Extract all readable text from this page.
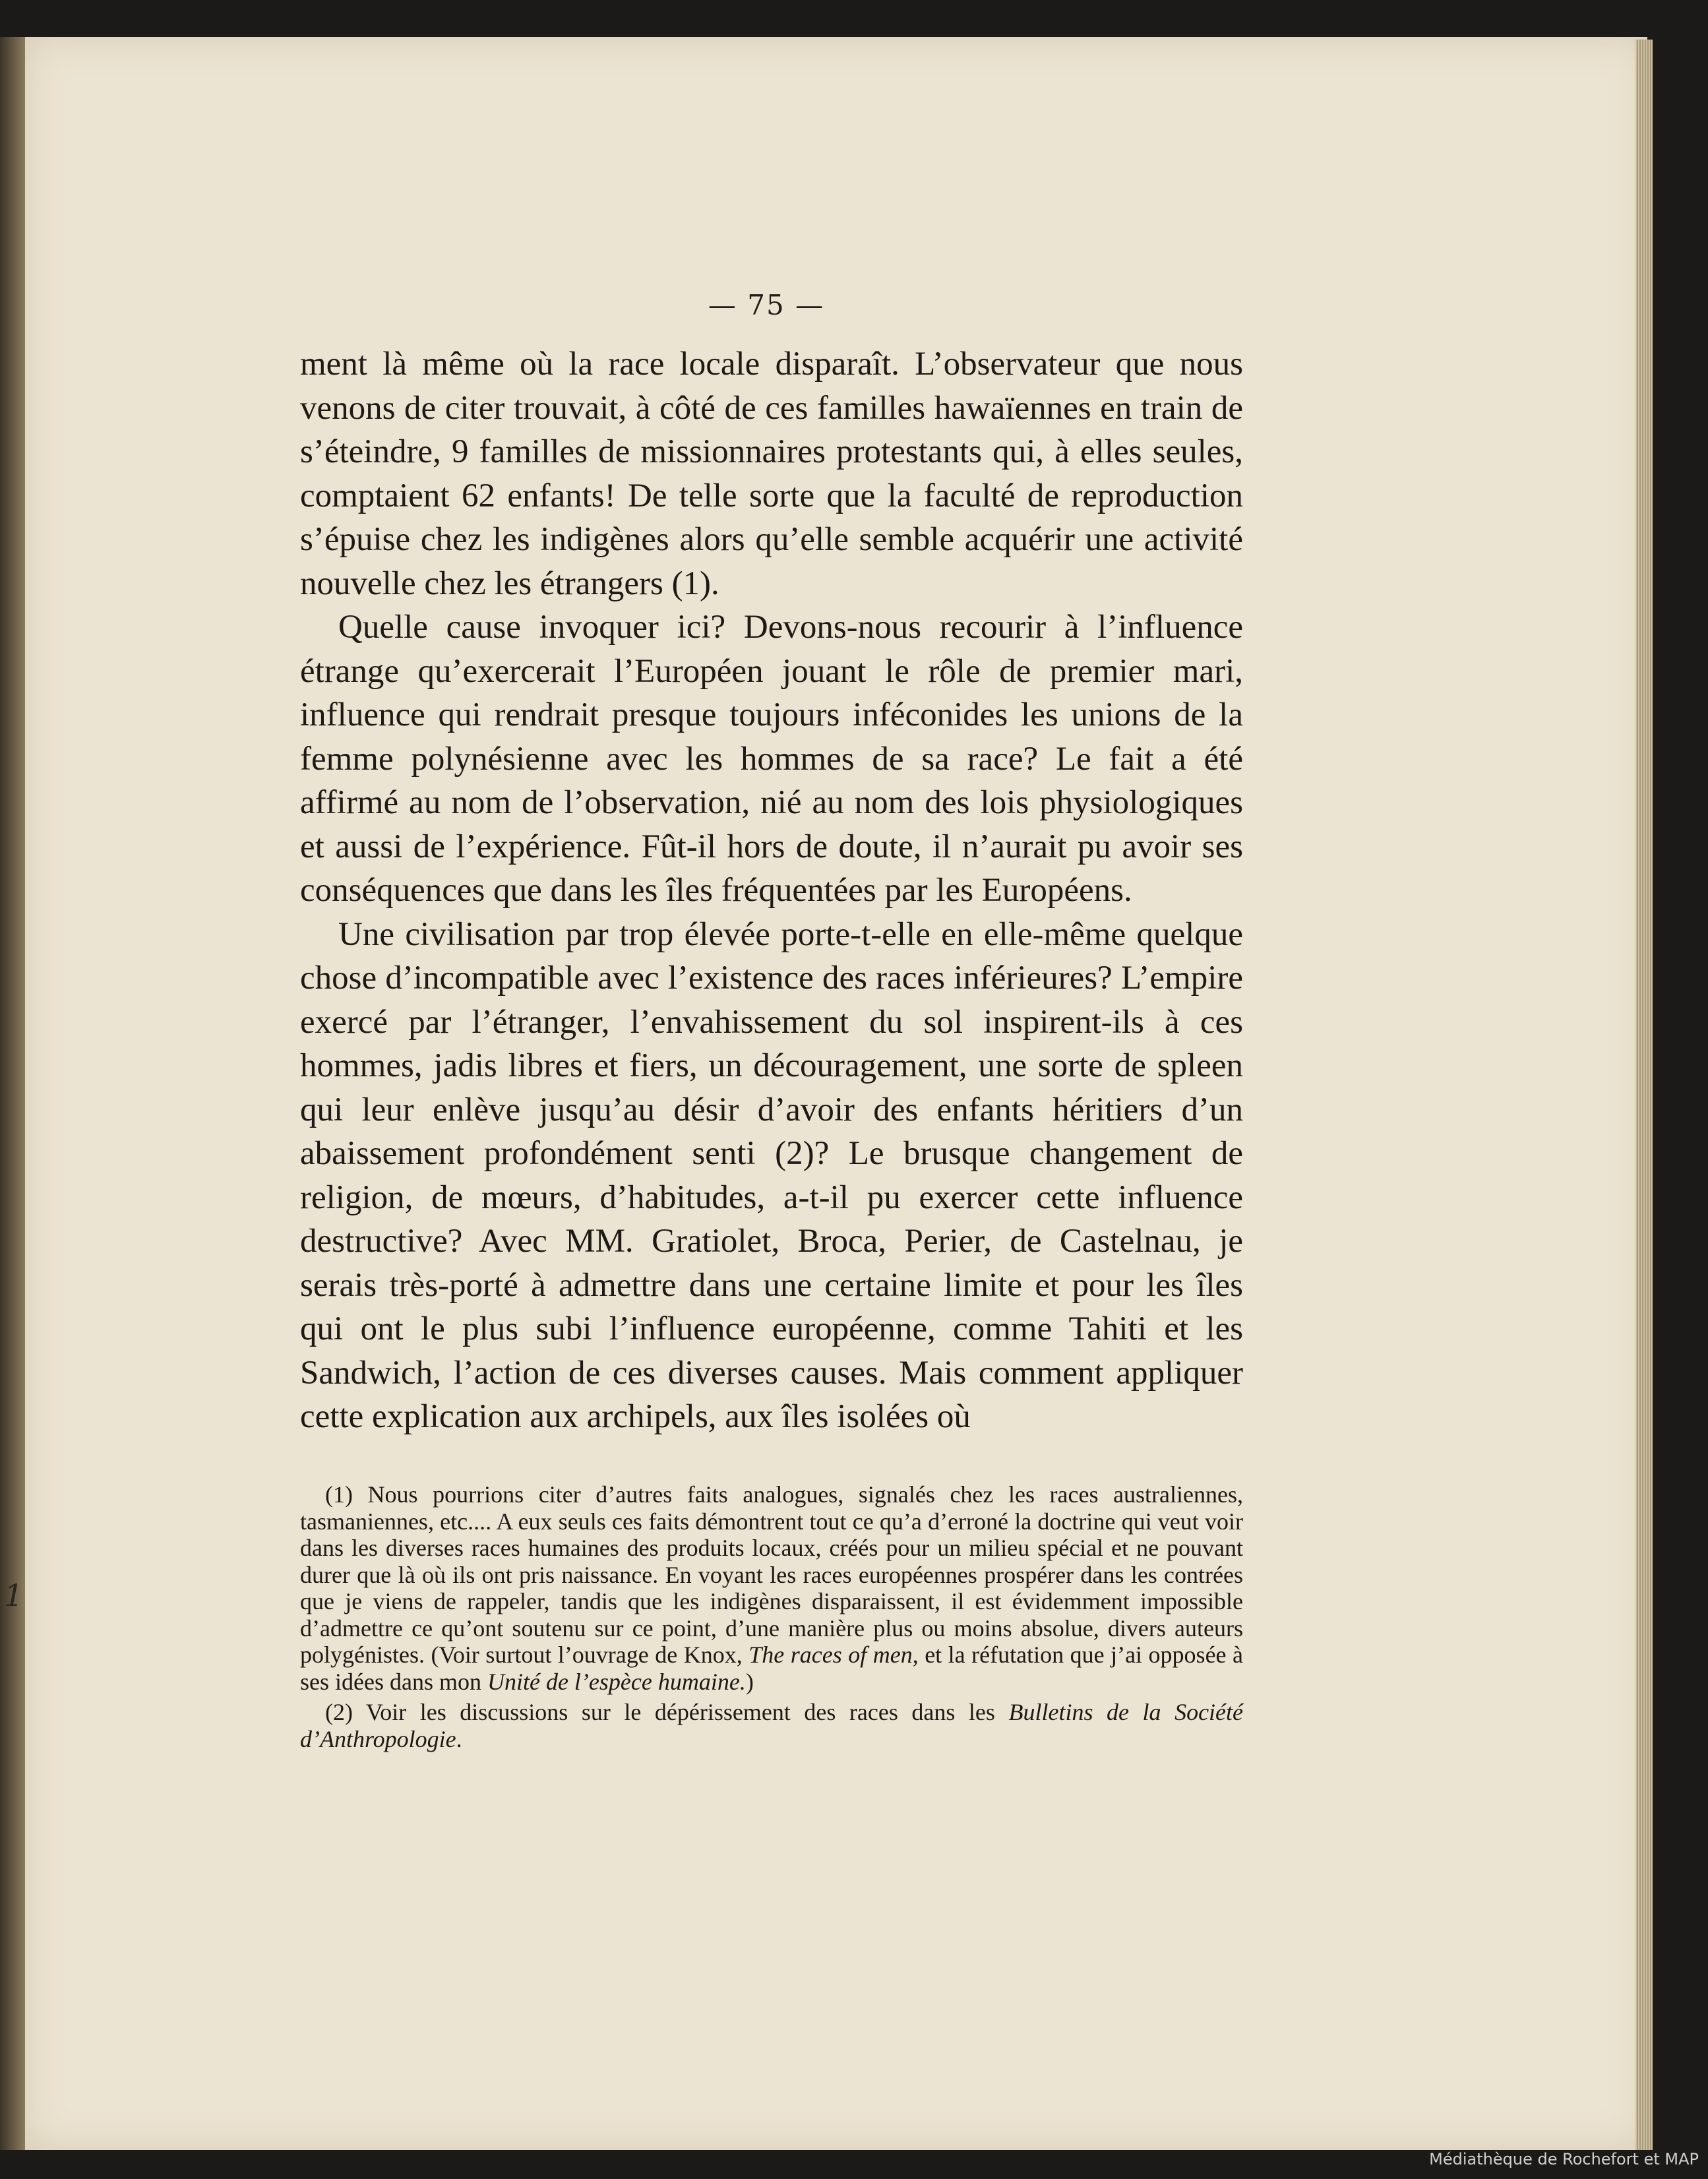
1
— 75 —

ment là même où la race locale disparaît. L’observateur que nous venons de citer trouvait, à côté de ces familles hawaïennes en train de s’éteindre, 9 familles de missionnaires protestants qui, à elles seules, comptaient 62 enfants! De telle sorte que la faculté de reproduction s’épuise chez les indigènes alors qu’elle semble acquérir une activité nouvelle chez les étrangers (1).

Quelle cause invoquer ici? Devons-nous recourir à l’influence étrange qu’exercerait l’Européen jouant le rôle de premier mari, influence qui rendrait presque toujours inféconides les unions de la femme polynésienne avec les hommes de sa race? Le fait a été affirmé au nom de l’observation, nié au nom des lois physiologiques et aussi de l’expérience. Fût-il hors de doute, il n’aurait pu avoir ses conséquences que dans les îles fréquentées par les Européens.

Une civilisation par trop élevée porte-t-elle en elle-même quelque chose d’incompatible avec l’existence des races inférieures? L’empire exercé par l’étranger, l’envahissement du sol inspirent-ils à ces hommes, jadis libres et fiers, un découragement, une sorte de spleen qui leur enlève jusqu’au désir d’avoir des enfants héritiers d’un abaissement profondément senti (2)? Le brusque changement de religion, de mœurs, d’habitudes, a-t-il pu exercer cette influence destructive? Avec MM. Gratiolet, Broca, Perier, de Castelnau, je serais très-porté à admettre dans une certaine limite et pour les îles qui ont le plus subi l’influence européenne, comme Tahiti et les Sandwich, l’action de ces diverses causes. Mais comment appliquer cette explication aux archipels, aux îles isolées où

(1) Nous pourrions citer d’autres faits analogues, signalés chez les races australiennes, tasmaniennes, etc.... A eux seuls ces faits démontrent tout ce qu’a d’erroné la doctrine qui veut voir dans les diverses races humaines des produits locaux, créés pour un milieu spécial et ne pouvant durer que là où ils ont pris naissance. En voyant les races européennes prospérer dans les contrées que je viens de rappeler, tandis que les indigènes disparaissent, il est évidemment impossible d’admettre ce qu’ont soutenu sur ce point, d’une manière plus ou moins absolue, divers auteurs polygénistes. (Voir surtout l’ouvrage de Knox, The races of men, et la réfutation que j’ai opposée à ses idées dans mon Unité de l’espèce humaine.)

(2) Voir les discussions sur le dépérissement des races dans les Bulletins de la Société d’Anthropologie.

Médiathèque de Rochefort et MAP
